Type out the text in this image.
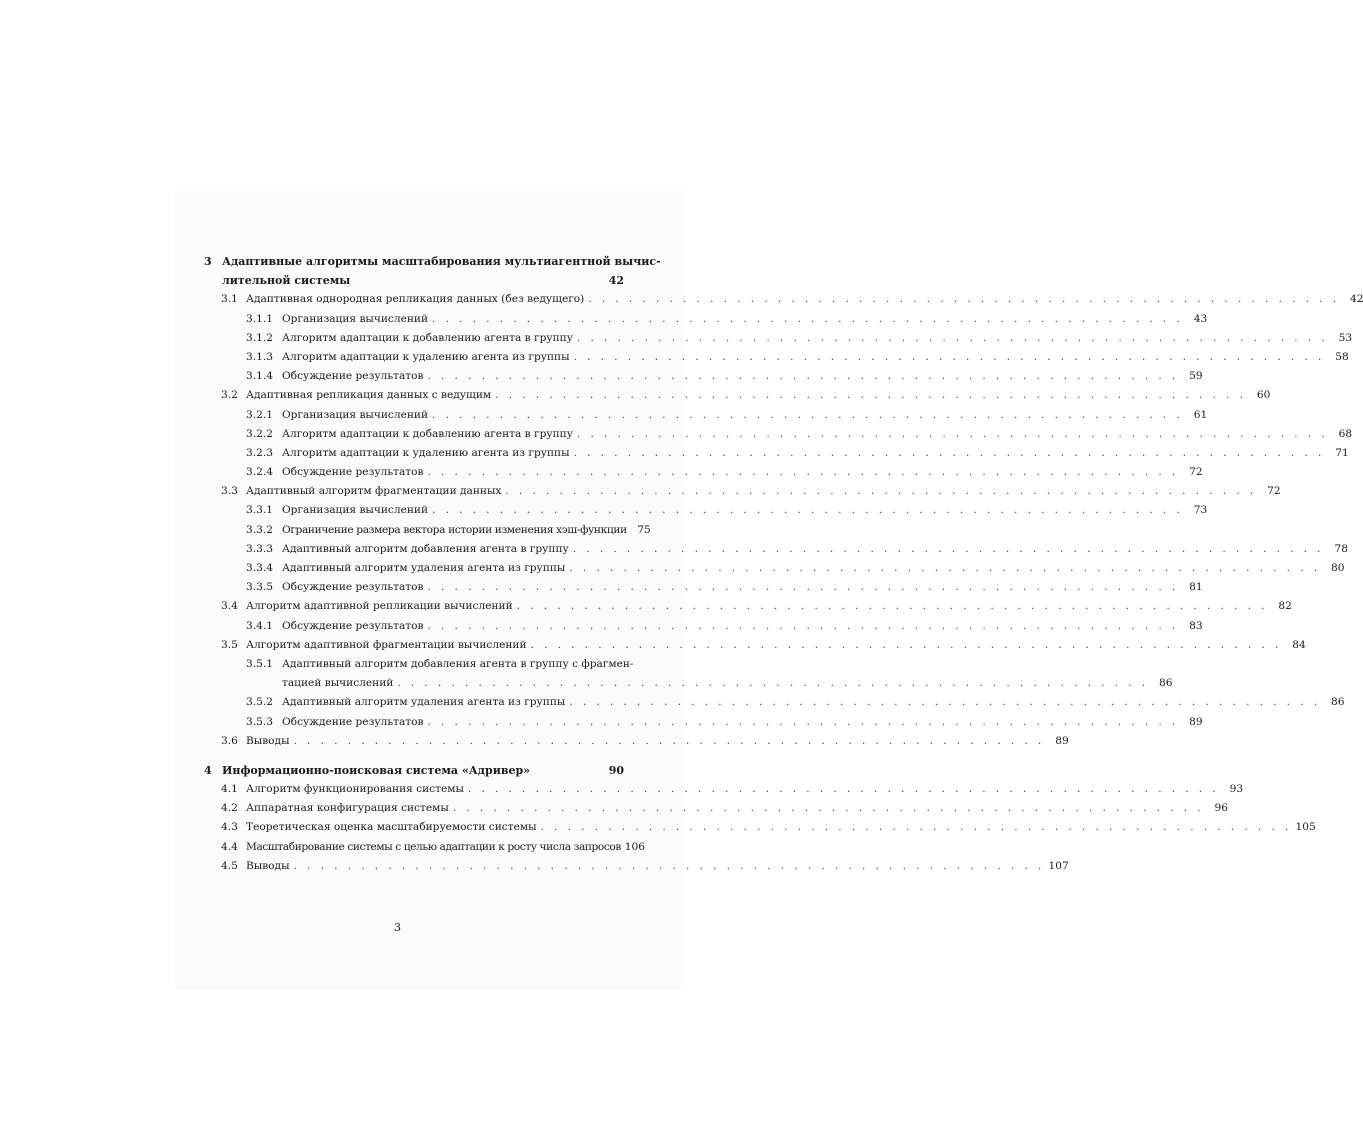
3 Адаптивные алгоритмы масштабирования мультиагентной вычис-
лительной системы	42
3.1 Адаптивная однородная репликация данных (без ведущего) . . . . . . . . . . . . . . . . . . . . . . . . . . . . . . . . . . . . . . . . . . . . . . . . . . . . . . . . 42
3.1.1 Организация вычислений . . . . . . . . . . . . . . . . . . . . . . . . . . . . . . . . . . . . . . . . . . . . . . . . . . . . . . . . 43
3.1.2 Алгоритм адаптации к добавлению агента в группу . . . . . . . . . . . . . . . . . . . . . . . . . . . . . . . . . . . . . . . . . . . . . . . . . . . . . . . . 53
3.1.3 Алгоритм адаптации к удалению агента из группы . . . . . . . . . . . . . . . . . . . . . . . . . . . . . . . . . . . . . . . . . . . . . . . . . . . . . . . . 58
3.1.4 Обсуждение результатов . . . . . . . . . . . . . . . . . . . . . . . . . . . . . . . . . . . . . . . . . . . . . . . . . . . . . . . . 59
3.2 Адаптивная репликация данных с ведущим . . . . . . . . . . . . . . . . . . . . . . . . . . . . . . . . . . . . . . . . . . . . . . . . . . . . . . . . 60
3.2.1 Организация вычислений . . . . . . . . . . . . . . . . . . . . . . . . . . . . . . . . . . . . . . . . . . . . . . . . . . . . . . . . 61
3.2.2 Алгоритм адаптации к добавлению агента в группу . . . . . . . . . . . . . . . . . . . . . . . . . . . . . . . . . . . . . . . . . . . . . . . . . . . . . . . . 68
3.2.3 Алгоритм адаптации к удалению агента из группы . . . . . . . . . . . . . . . . . . . . . . . . . . . . . . . . . . . . . . . . . . . . . . . . . . . . . . . . 71
3.2.4 Обсуждение результатов . . . . . . . . . . . . . . . . . . . . . . . . . . . . . . . . . . . . . . . . . . . . . . . . . . . . . . . . 72
3.3 Адаптивный алгоритм фрагментации данных . . . . . . . . . . . . . . . . . . . . . . . . . . . . . . . . . . . . . . . . . . . . . . . . . . . . . . . . 72
3.3.1 Организация вычислений . . . . . . . . . . . . . . . . . . . . . . . . . . . . . . . . . . . . . . . . . . . . . . . . . . . . . . . . 73
3.3.2 Ограничение размера вектора истории изменения хэш-функции 75
3.3.3 Адаптивный алгоритм добавления агента в группу . . . . . . . . . . . . . . . . . . . . . . . . . . . . . . . . . . . . . . . . . . . . . . . . . . . . . . . . 78
3.3.4 Адаптивный алгоритм удаления агента из группы . . . . . . . . . . . . . . . . . . . . . . . . . . . . . . . . . . . . . . . . . . . . . . . . . . . . . . . . 80
3.3.5 Обсуждение результатов . . . . . . . . . . . . . . . . . . . . . . . . . . . . . . . . . . . . . . . . . . . . . . . . . . . . . . . . 81
3.4 Алгоритм адаптивной репликации вычислений . . . . . . . . . . . . . . . . . . . . . . . . . . . . . . . . . . . . . . . . . . . . . . . . . . . . . . . . 82
3.4.1 Обсуждение результатов . . . . . . . . . . . . . . . . . . . . . . . . . . . . . . . . . . . . . . . . . . . . . . . . . . . . . . . . 83
3.5 Алгоритм адаптивной фрагментации вычислений . . . . . . . . . . . . . . . . . . . . . . . . . . . . . . . . . . . . . . . . . . . . . . . . . . . . . . . . 84
3.5.1 Адаптивный алгоритм добавления агента в группу с фрагмен-
тацией вычислений . . . . . . . . . . . . . . . . . . . . . . . . . . . . . . . . . . . . . . . . . . . . . . . . . . . . . . . . 86
3.5.2 Адаптивный алгоритм удаления агента из группы . . . . . . . . . . . . . . . . . . . . . . . . . . . . . . . . . . . . . . . . . . . . . . . . . . . . . . . . 86
3.5.3 Обсуждение результатов . . . . . . . . . . . . . . . . . . . . . . . . . . . . . . . . . . . . . . . . . . . . . . . . . . . . . . . . 89
3.6 Выводы . . . . . . . . . . . . . . . . . . . . . . . . . . . . . . . . . . . . . . . . . . . . . . . . . . . . . . . . 89
4 Информационно-поисковая система «Адривер»	90
4.1 Алгоритм функционирования системы . . . . . . . . . . . . . . . . . . . . . . . . . . . . . . . . . . . . . . . . . . . . . . . . . . . . . . . . 93
4.2 Аппаратная конфигурация системы . . . . . . . . . . . . . . . . . . . . . . . . . . . . . . . . . . . . . . . . . . . . . . . . . . . . . . . . 96
4.3 Теоретическая оценка масштабируемости системы . . . . . . . . . . . . . . . . . . . . . . . . . . . . . . . . . . . . . . . . . . . . . . . . . . . . . . . . 105
4.4 Масштабирование системы с целью адаптации к росту числа запросов 106
4.5 Выводы . . . . . . . . . . . . . . . . . . . . . . . . . . . . . . . . . . . . . . . . . . . . . . . . . . . . . . . . 107
3
